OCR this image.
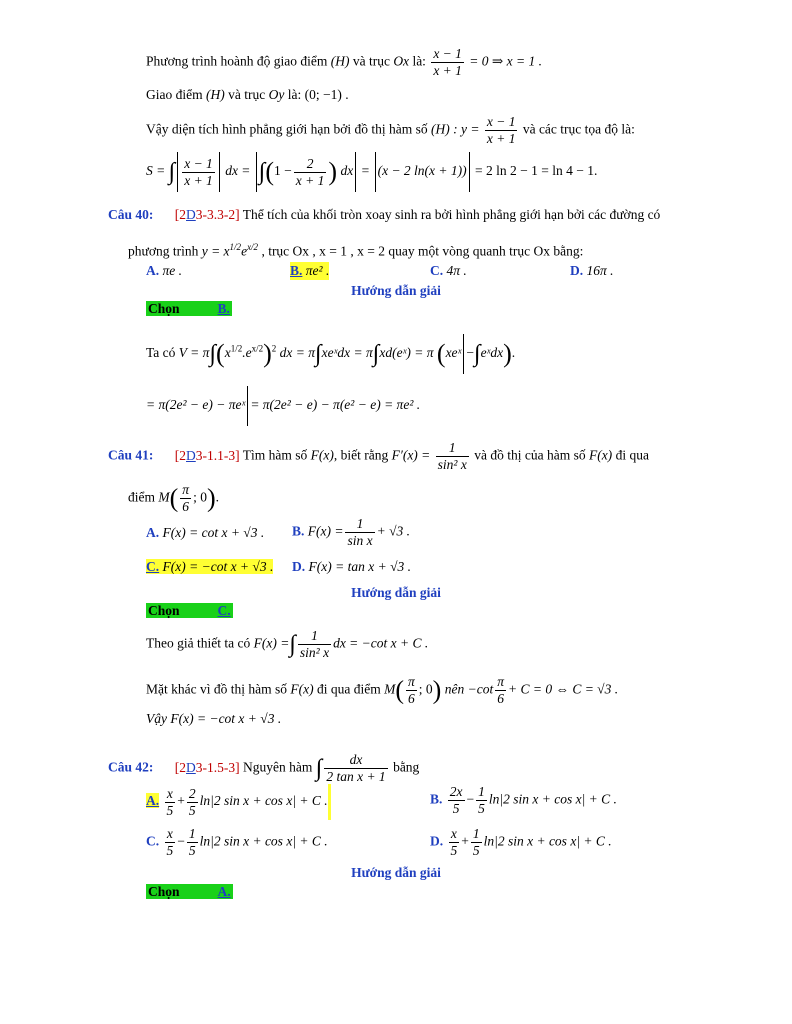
Phương trình hoành độ giao điểm (H) và trục Ox là: $\frac{x - 1}{x + 1} = 0$ ⇒ x = 1 .
Giao điểm (H) và trục Oy là: (0; −1) .
Vậy diện tích hình phẳng giới hạn bởi đồ thị hàm số (H) : $y = \frac{x - 1}{x + 1}$ và các trục tọa độ là:
S = ∫ $\frac{x - 1}{x + 1}$ dx = $\int(1 - \frac{2}{x + 1}$ ) dx = (x − 2 ln(x + 1)) = 2 ln 2 − 1 = ln 4 − 1.
Câu 40: [2D3-3.3-2] Thể tích của khối tròn xoay sinh ra bởi hình phẳng giới hạn bởi các đường có
phương trình $y = x^{1/2}e^{x/2}$ , trục Ox , x = 1 , x = 2 quay một vòng quanh trục Ox bằng:
A. πe .	B. πe² .	C. 4π .	D. 16π .
Hướng dẫn giải
Chọn	B.
Ta có $V = \pi\int(x^{1/2}.e^{x/2})^2$ dx = π∫xeˣdx = π∫xd(eˣ) = π (xeˣ −∫eˣdx).
= π(2e² − e) − πeˣ = π(2e² − e) − π(e² − e) = πe² .
Câu 41: [2D3-1.1-3] Tìm hàm số F(x), biết rằng $F'(x) = \frac{1}{\text{sin² x}}$ và đồ thị của hàm số F(x) đi qua
điểm $M( \frac{\pi}{6}$ ; 0).
A. F(x) = cot x + √3 . B. $F(x) = \frac{1}{\text{sin x}} + √3$ .
C. F(x) = −cot x + √3 . D. F(x) = tan x + √3 .
Hướng dẫn giải
Chọn	C.
Theo giả thiết ta có F(x) =∫ $\frac{1}{\text{sin² x}}$ dx = −cot x + C .
Mặt khác vì đồ thị hàm số F(x) đi qua điểm $M( \frac{\pi}{6}$ ; 0) nên $-\cot \frac{\pi}{6} + C = 0$ ⇔ C = √3 .
Vậy F(x) = −cot x + √3 .
Câu 42: [2D3-1.5-3] Nguyên hàm ∫ $\frac{dx}{\text{2 tan x + 1}}$ bằng
A. $\frac{x}{5} + \frac{2}{5} \ln|2$ sin x + cos x| + C .	B. $\frac{2x}{5} - \frac{1}{5} \ln|2$ sin x + cos x| + C .
C. $\frac{x}{5} - \frac{1}{5} \ln|2$ sin x + cos x| + C .	D. $\frac{x}{5} + \frac{1}{5} \ln|2$ sin x + cos x| + C .
Hướng dẫn giải
Chọn	A.
